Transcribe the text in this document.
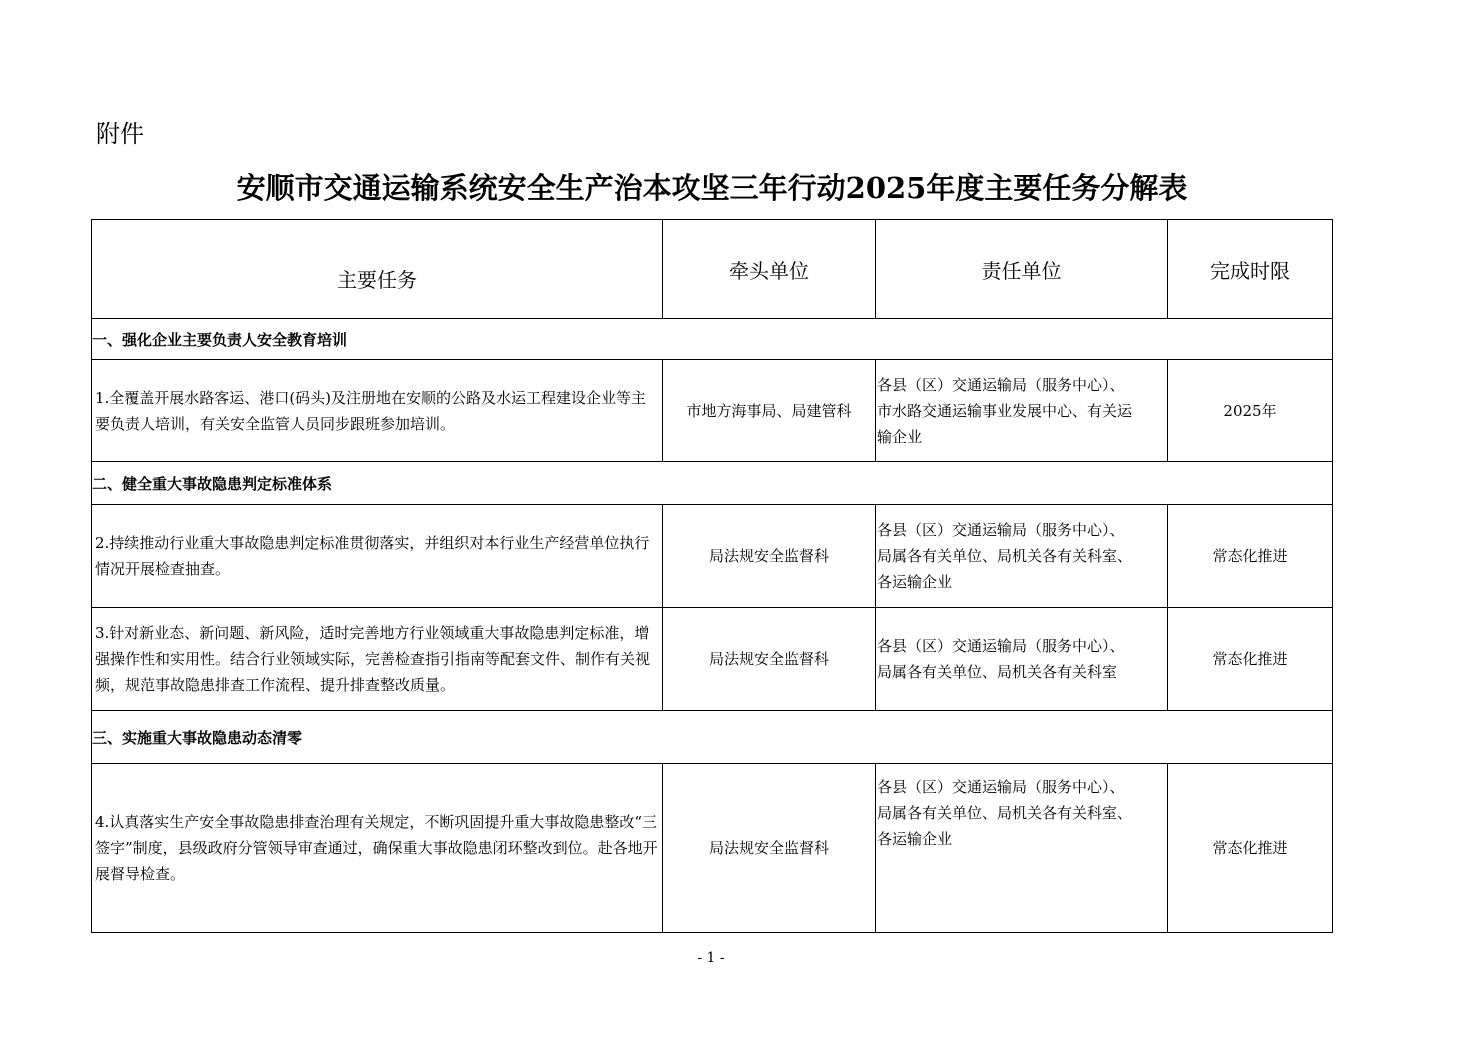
附件
安顺市交通运输系统安全生产治本攻坚三年行动2025年度主要任务分解表
主要任务	牵头单位	责任单位	完成时限
一、强化企业主要负责人安全教育培训			
1.全覆盖开展水路客运、港口(码头)及注册地在安顺的公路及水运工程建设企业等主要负责人培训，有关安全监管人员同步跟班参加培训。	市地方海事局、局建管科	各县（区）交通运输局（服务中心）、市水路交通运输事业发展中心、有关运输企业	2025年
二、健全重大事故隐患判定标准体系			
2.持续推动行业重大事故隐患判定标准贯彻落实，并组织对本行业生产经营单位执行情况开展检查抽查。	局法规安全监督科	各县（区）交通运输局（服务中心）、局属各有关单位、局机关各有关科室、各运输企业	常态化推进
3.针对新业态、新问题、新风险，适时完善地方行业领域重大事故隐患判定标准，增强操作性和实用性。结合行业领域实际，完善检查指引指南等配套文件、制作有关视频，规范事故隐患排查工作流程、提升排查整改质量。	局法规安全监督科	各县（区）交通运输局（服务中心）、局属各有关单位、局机关各有关科室	常态化推进
三、实施重大事故隐患动态清零			
4.认真落实生产安全事故隐患排查治理有关规定，不断巩固提升重大事故隐患整改“三签字”制度，县级政府分管领导审查通过，确保重大事故隐患闭环整改到位。赴各地开展督导检查。	局法规安全监督科	各县（区）交通运输局（服务中心）、局属各有关单位、局机关各有关科室、各运输企业	常态化推进
- 1 -
